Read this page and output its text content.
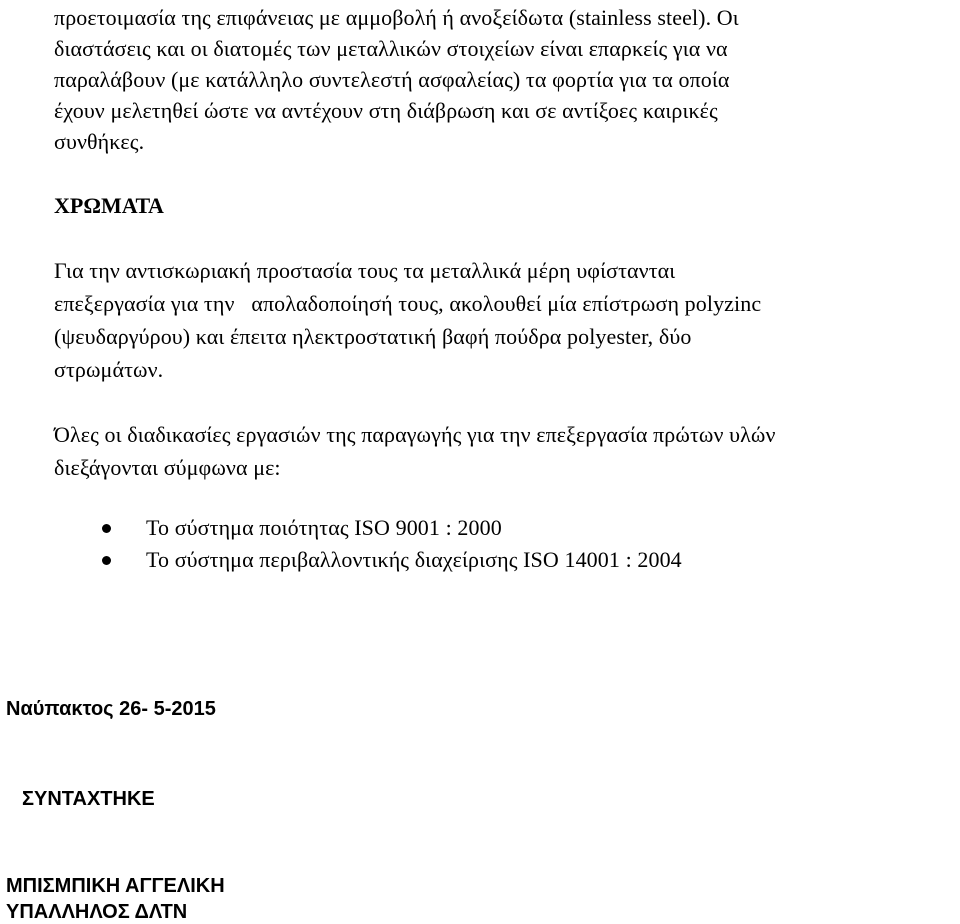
προετοιμασία της επιφάνειας με αμμοβολή ή ανοξείδωτα (stainless steel). Οι
διαστάσεις και οι διατομές των μεταλλικών στοιχείων είναι επαρκείς για να
παραλάβουν (με κατάλληλο συντελεστή ασφαλείας) τα φορτία για τα οποία
έχουν μελετηθεί ώστε να αντέχουν στη διάβρωση και σε αντίξοες καιρικές
συνθήκες.
ΧΡΩΜΑΤΑ
Για την αντισκωριακή προστασία τους τα μεταλλικά μέρη υφίστανται
επεξεργασία για την   απολαδοποίησή τους, ακολουθεί μία επίστρωση polyzinc
(ψευδαργύρου) και έπειτα ηλεκτροστατική βαφή πούδρα polyester, δύο
στρωμάτων.
Όλες οι διαδικασίες εργασιών της παραγωγής για την επεξεργασία πρώτων υλών
διεξάγονται σύμφωνα με:
Το σύστημα ποιότητας ISO 9001 : 2000
Το σύστημα περιβαλλοντικής διαχείρισης ISO 14001 : 2004

Ναύπακτος 26- 5-2015

ΣΥΝΤΑΧΤΗΚΕ

ΜΠΙΣΜΠΙΚΗ ΑΓΓΕΛΙΚΗ

ΥΠΑΛΛΗΛΟΣ ΔΛΤΝ
